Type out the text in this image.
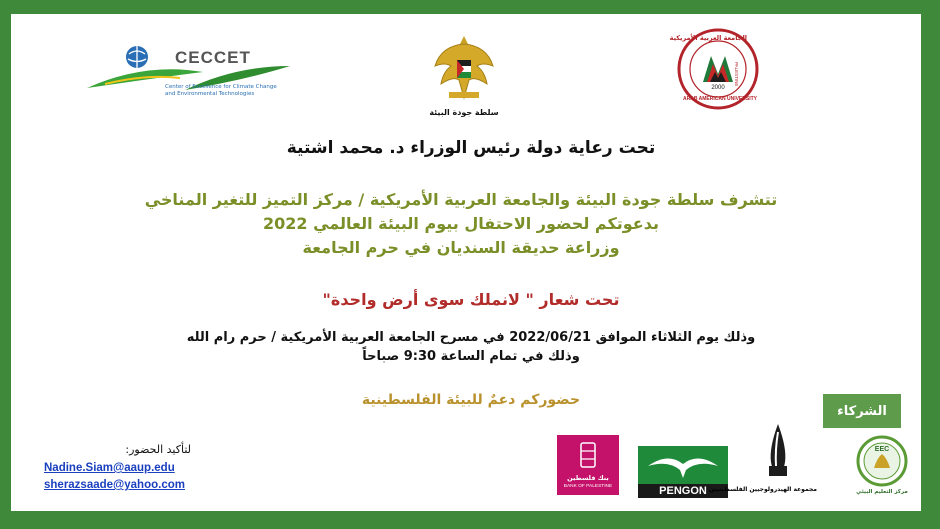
CECCET
Center of Excellence for Climate Change
and Environmental Technologies
سلطة جودة البيئة
الجامعة العربية الأمريكية
ARAB AMERICAN UNIVERSITY
PALESTINE
2000
تحت رعاية دولة رئيس الوزراء د. محمد اشتية
تتشرف سلطة جودة البيئة والجامعة العربية الأمريكية / مركز التميز للتغير المناخي
بدعوتكم لحضور الاحتفال بيوم البيئة العالمي 2022
وزراعة حديقة السنديان في حرم الجامعة
تحت شعار " لانملك سوى أرض واحدة"
وذلك يوم الثلاثاء الموافق 2022/06/21 في مسرح الجامعة العربية الأمريكية / حرم رام الله
وذلك في تمام الساعة 9:30 صباحاً
حضوركم دعمٌ للبيئة الفلسطينية
الشركاء
لتأكيد الحضور:
Nadine.Siam@aaup.edu
sherazsaade@yahoo.com
بنك فلسطين
BANK OF PALESTINE	PENGON مجموعة الهيدرولوجيين الفلسطينيين
EEC
مركز التعليم البيئي
